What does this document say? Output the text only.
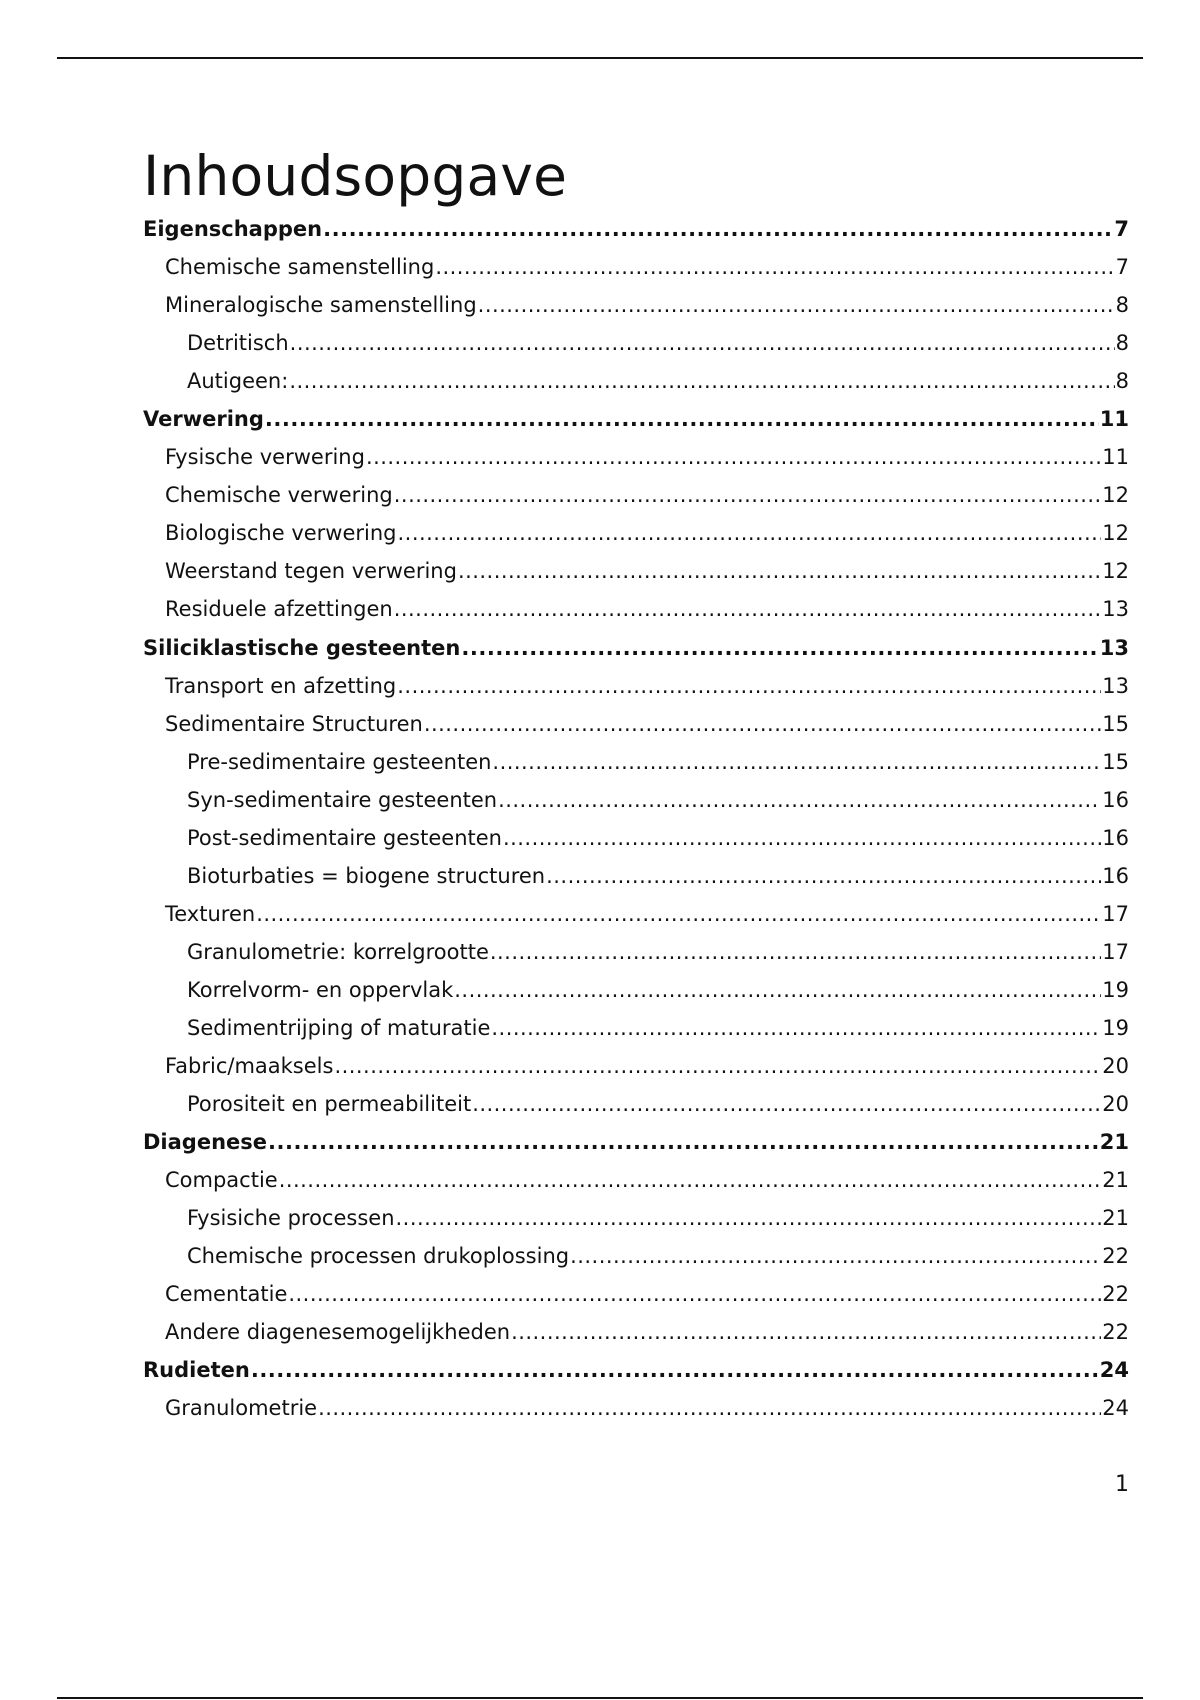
Inhoudsopgave
Eigenschappen . . .	7
Chemische samenstelling . . .	7
Mineralogische samenstelling . . .	8
Detritisch . . .	8
Autigeen: . . .	8
Verwering . . .	11
Fysische verwering . . .	11
Chemische verwering . . .	12
Biologische verwering . . .	12
Weerstand tegen verwering . . .	12
Residuele afzettingen . . .	13
Siliciklastische gesteenten . . .	13
Transport en afzetting . . .	13
Sedimentaire Structuren . . .	15
Pre-sedimentaire gesteenten . . .	15
Syn-sedimentaire gesteenten . . .	16
Post-sedimentaire gesteenten . . .	16
Bioturbaties = biogene structuren . . .	16
Texturen . . .	17
Granulometrie: korrelgrootte . . .	17
Korrelvorm- en oppervlak . . .	19
Sedimentrijping of maturatie . . .	19
Fabric/maaksels . . .	20
Porositeit en permeabiliteit . . .	20
Diagenese . . .	21
Compactie . . .	21
Fysisiche processen . . .	21
Chemische processen drukoplossing . . .	22
Cementatie . . .	22
Andere diagenesemogelijkheden . . .	22
Rudieten . . .	24
Granulometrie . . .	24
1
